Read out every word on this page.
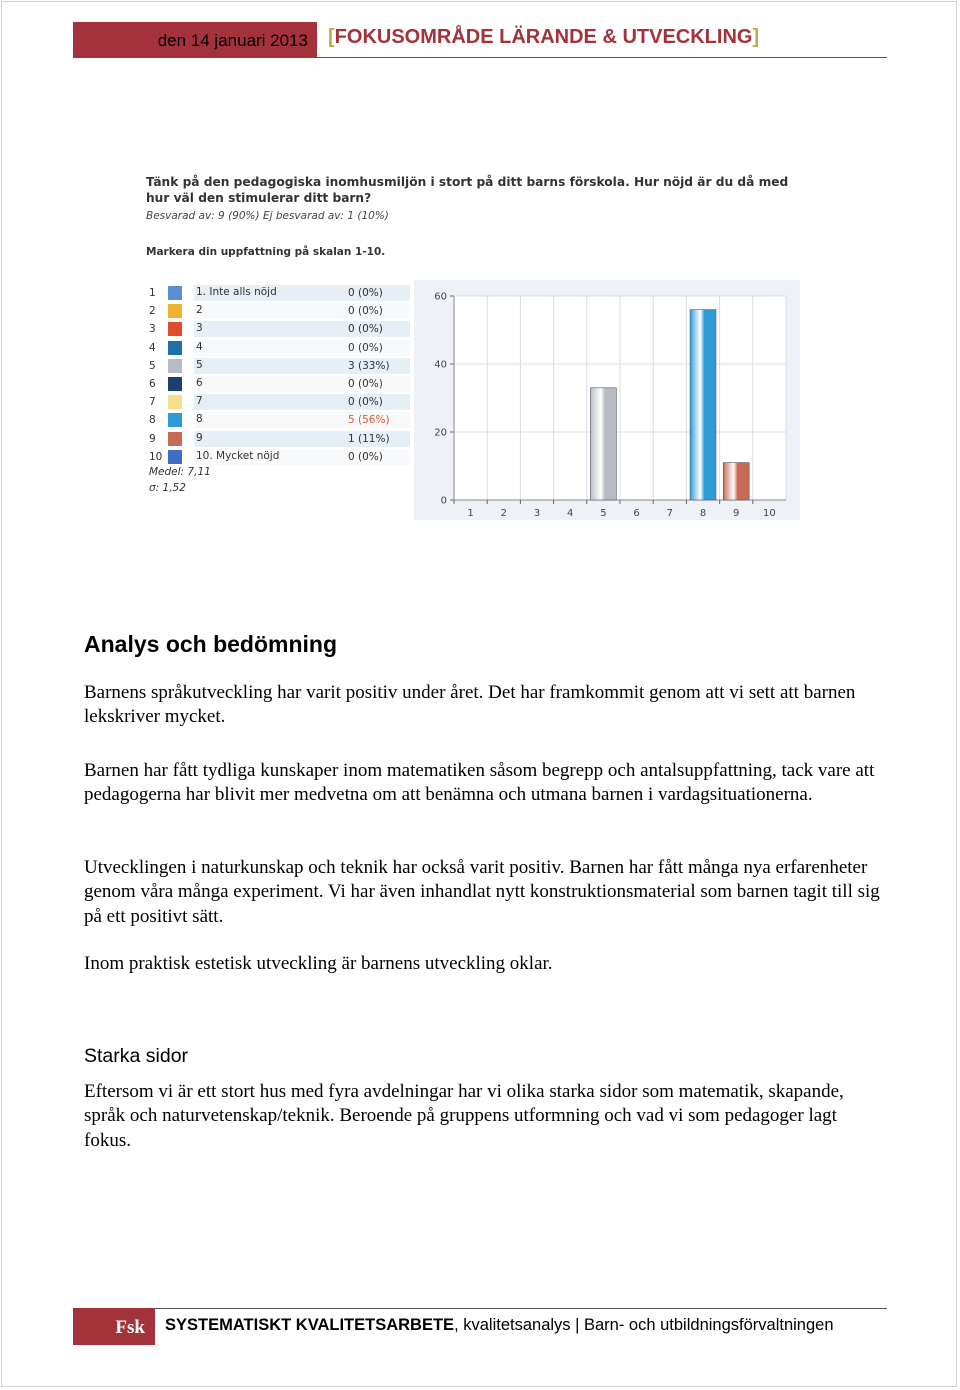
den 14 januari 2013	[FOKUSOMRÅDE LÄRANDE & UTVECKLING]
Tänk på den pedagogiska inomhusmiljön i stort på ditt barns förskola. Hur nöjd är du då med hur väl den stimulerar ditt barn?
Besvarad av: 9 (90%) Ej besvarad av: 1 (10%)
Markera din uppfattning på skalan 1-10.
1	1. Inte alls nöjd	0 (0%)
2	2	0 (0%)
3	3	0 (0%)
4	4	0 (0%)
5	5	3 (33%)
6	6	0 (0%)
7	7	0 (0%)
8	8	5 (56%)
9	9	1 (11%)
10	10. Mycket nöjd	0 (0%)
Medel: 7,11
σ: 1,52
0
20
40
60
1	2	3	4	5	6	7	8	9 10
Analys och bedömning
Barnens språkutveckling har varit positiv under året. Det har framkommit genom att vi sett att barnen lekskriver mycket.
Barnen har fått tydliga kunskaper inom matematiken såsom begrepp och antalsuppfattning, tack vare att pedagogerna har blivit mer medvetna om att benämna och utmana barnen i vardagsituationerna.
Utvecklingen i naturkunskap och teknik har också varit positiv. Barnen har fått många nya erfarenheter genom våra många experiment. Vi har även inhandlat nytt konstruktionsmaterial som barnen tagit till sig på ett positivt sätt.
Inom praktisk estetisk utveckling är barnens utveckling oklar.
Starka sidor
Eftersom vi är ett stort hus med fyra avdelningar har vi olika starka sidor som matematik, skapande, språk och naturvetenskap/teknik. Beroende på gruppens utformning och vad vi som pedagoger lagt fokus.
Fsk	SYSTEMATISKT KVALITETSARBETE, kvalitetsanalys | Barn- och utbildningsförvaltningen
